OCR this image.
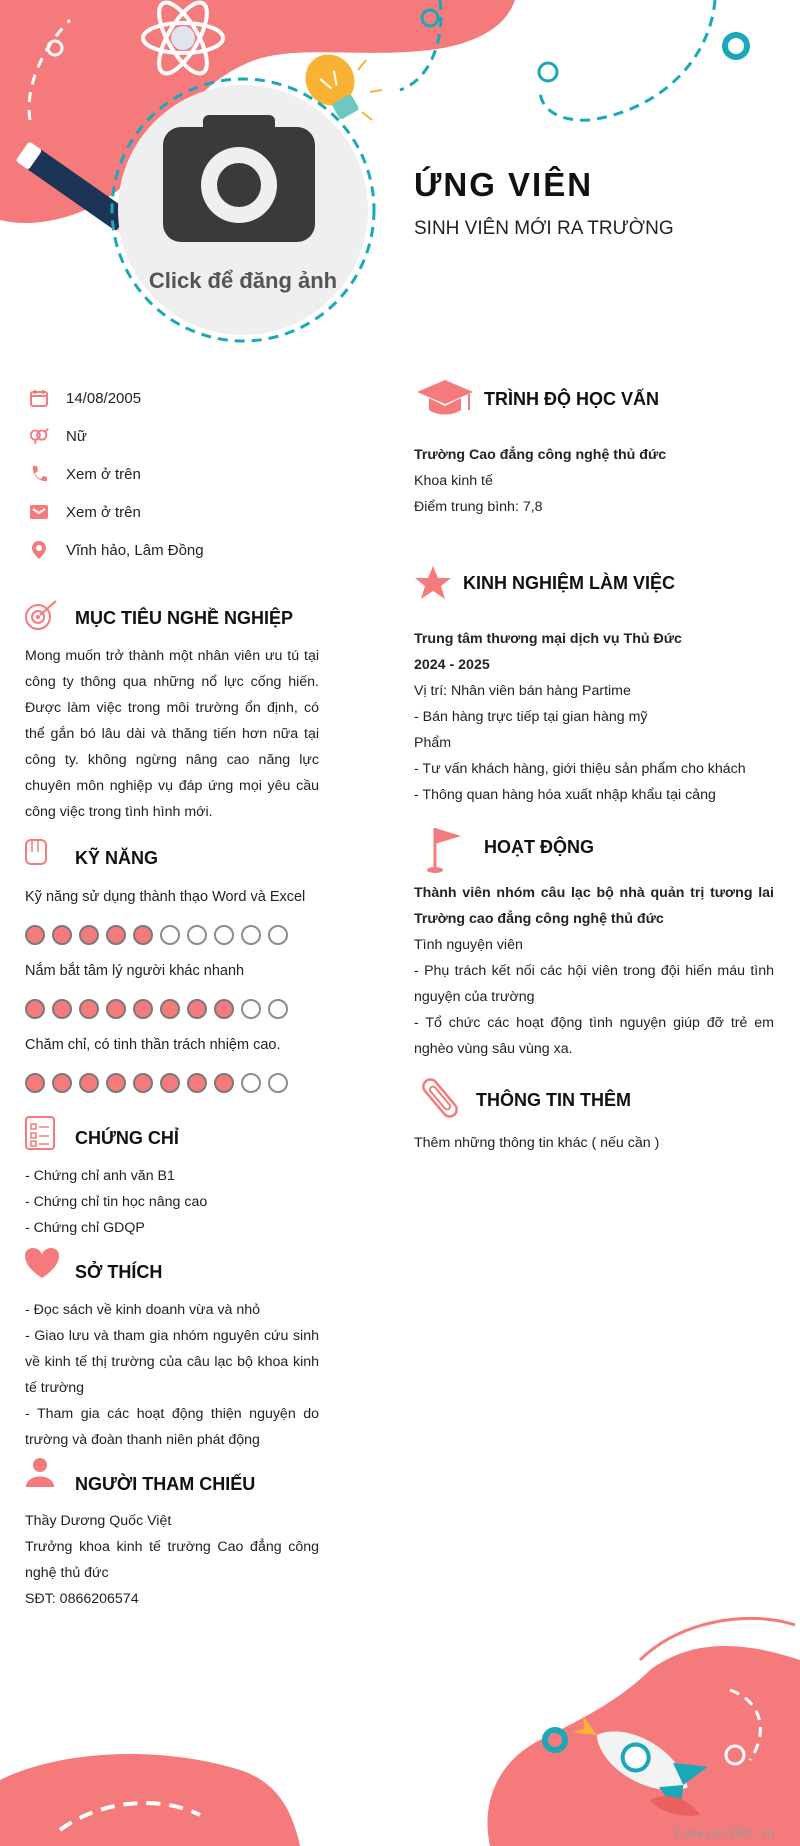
Click để đăng ảnh
ỨNG VIÊN
SINH VIÊN MỚI RA TRƯỜNG
14/08/2005
Nữ
Xem ở trên
Xem ở trên
Vĩnh hảo, Lâm Đồng
MỤC TIÊU NGHỀ NGHIỆP
Mong muốn trở thành một nhân viên ưu tú tại công ty thông qua những nổ lực cống hiến. Được làm việc trong môi trường ổn định, có thể gắn bó lâu dài và thăng tiến hơn nữa tại công ty. không ngừng nâng cao năng lực chuyên môn nghiệp vụ đáp ứng mọi yêu cầu công việc trong tình hình mới.
KỸ NĂNG
Kỹ năng sử dụng thành thạo Word và Excel
Nắm bắt tâm lý người khác nhanh
Chăm chỉ, có tinh thần trách nhiệm cao.
CHỨNG CHỈ

- Chứng chỉ anh văn B1

- Chứng chỉ tin học nâng cao

- Chứng chỉ GDQP

SỞ THÍCH

- Đọc sách về kinh doanh vừa và nhỏ

- Giao lưu và tham gia nhóm nguyên cứu sinh về kinh tế thị trường của câu lạc bộ khoa kinh tế trường

- Tham gia các hoạt động thiện nguyện do trường và đoàn thanh niên phát động

NGƯỜI THAM CHIẾU

Thầy Dương Quốc Việt

Trưởng khoa kinh tế trường Cao đẳng công nghệ thủ đức

SĐT: 0866206574

TRÌNH ĐỘ HỌC VẤN

Trường Cao đẳng công nghệ thủ đức

Khoa kinh tế

Điểm trung bình: 7,8

KINH NGHIỆM LÀM VIỆC

Trung tâm thương mại dịch vụ Thủ Đức

2024 - 2025

Vị trí: Nhân viên bán hàng Partime

- Bán hàng trực tiếp tại gian hàng mỹ

Phẩm

- Tư vấn khách hàng, giới thiệu sản phẩm cho khách

- Thông quan hàng hóa xuất nhập khẩu tại cảng

HOẠT ĐỘNG

Thành viên nhóm câu lạc bộ nhà quản trị tương lai Trường cao đẳng công nghệ thủ đức

Tình nguyện viên

- Phụ trách kết nối các hội viên trong đội hiến máu tình nguyện của trường

- Tổ chức các hoạt động tình nguyện giúp đỡ trẻ em nghèo vùng sâu vùng xa.

THÔNG TIN THÊM
Thêm những thông tin khác ( nếu cần )
Timviec365.vn
